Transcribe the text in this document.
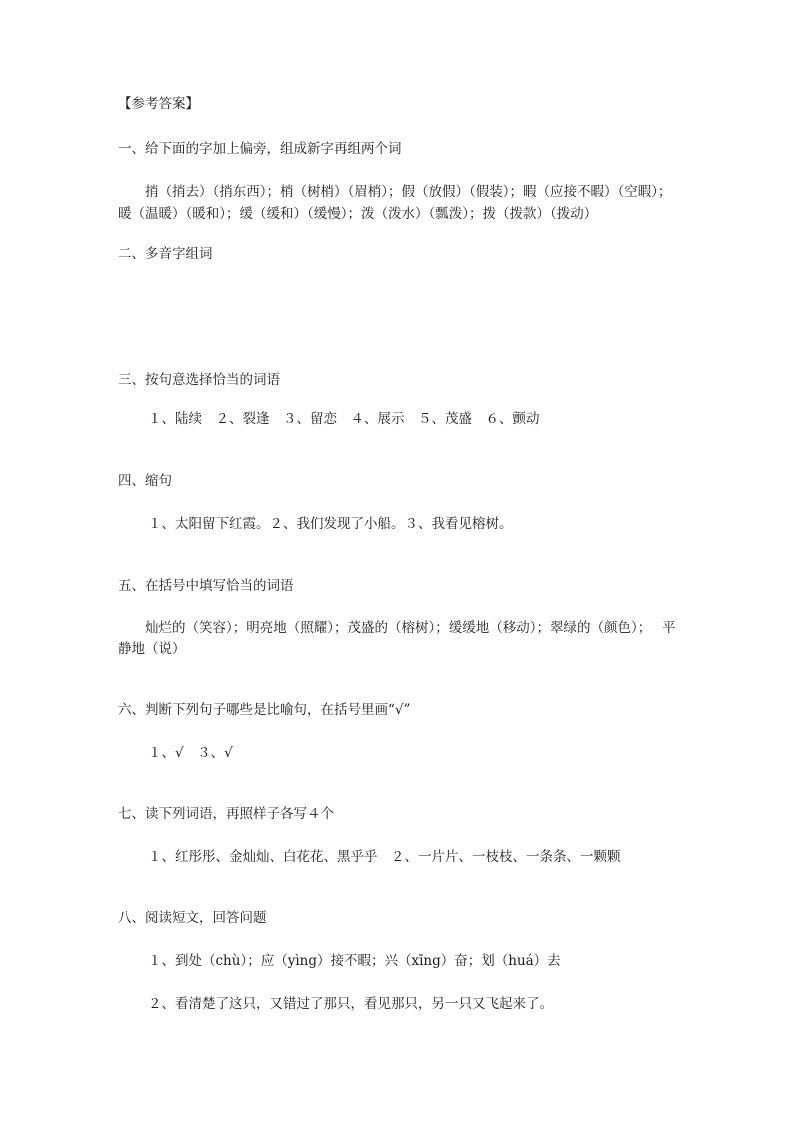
【参考答案】
一、给下面的字加上偏旁，组成新字再组两个词
捎（捎去）（捎东西）；梢（树梢）（眉梢）；假（放假）（假装）；暇（应接不暇）（空暇）；
暖（温暖）（暖和）；缓（缓和）（缓慢）；泼（泼水）（瓢泼）；拨（拨款）（拨动）
二、多音字组词
三、按句意选择恰当的词语
１、陆续　２、裂逢　３、留恋　４、展示　５、茂盛　６、颤动
四、缩句
１、太阳留下红霞。２、我们发现了小船。３、我看见榕树。
五、在括号中填写恰当的词语
灿烂的（笑容）；明亮地（照耀）；茂盛的（榕树）；缓缓地（移动）；翠绿的（颜色）； 平
静地（说）
六、判断下列句子哪些是比喻句，在括号里画“√”
１、√　３、√
七、读下列词语，再照样子各写４个
１、红彤彤、金灿灿、白花花、黑乎乎　２、一片片、一枝枝、一条条、一颗颗
八、阅读短文，回答问题
１、到处（chù）；应（yìng）接不暇；兴（xīng）奋；划（huá）去
２、看清楚了这只，又错过了那只，看见那只，另一只又飞起来了。
